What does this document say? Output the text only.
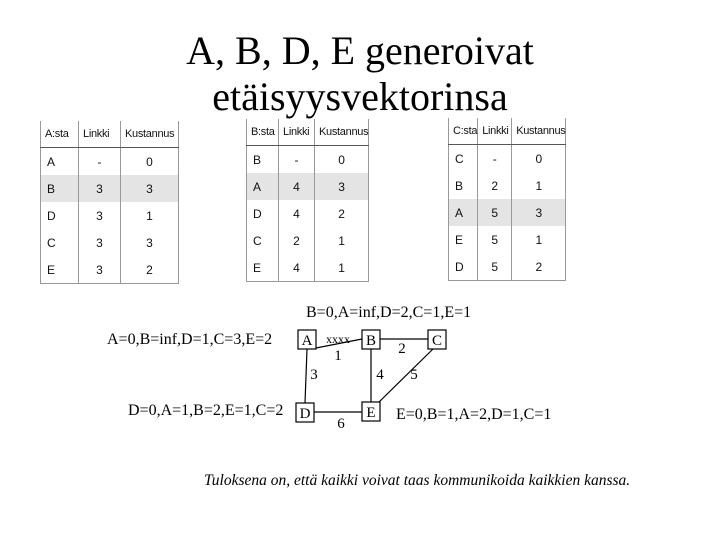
A, B, D, E generoivat
etäisyysvektorinsa
A:sta	Linkki	Kustannus
A	-	0
B	3	3
D	3	1
C	3	3
E	3	2
B:sta	Linkki	Kustannus
B	-	0
A	4	3
D	4	2
C	2	1
E	4	1
C:sta	Linkki	Kustannus
C	-	0
B	2	1
A	5	3
E	5	1
D	5	2
B=0,A=inf,D=2,C=1,E=1
A=0,B=inf,D=1,C=3,E=2
D=0,A=1,B=2,E=1,C=2	E=0,B=1,A=2,D=1,C=1
A	B	C
D	E
xxxx
1	2
3	4 5
6
Tuloksena on, että kaikki voivat taas kommunikoida kaikkien kanssa.
